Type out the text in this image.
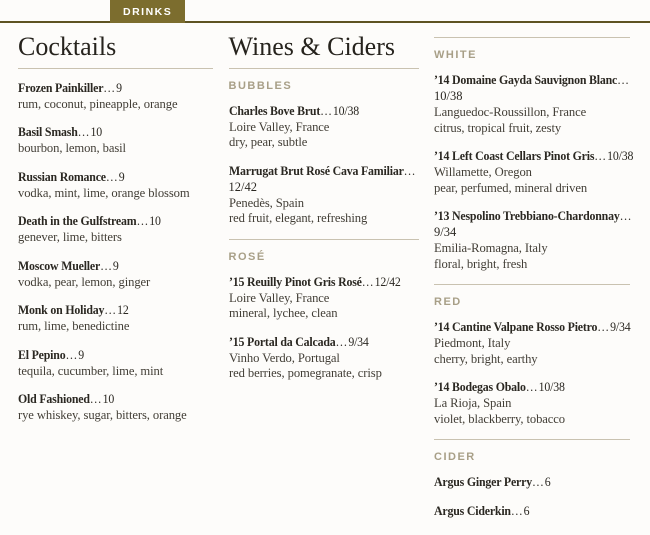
DRINKS
Cocktails
Frozen Painkiller…9
rum, coconut, pineapple, orange
Basil Smash…10
bourbon, lemon, basil
Russian Romance…9
vodka, mint, lime, orange blossom
Death in the Gulfstream…10
genever, lime, bitters
Moscow Mueller…9
vodka, pear, lemon, ginger
Monk on Holiday…12
rum, lime, benedictine
El Pepino…9
tequila, cucumber, lime, mint
Old Fashioned…10
rye whiskey, sugar, bitters, orange
Wines & Ciders
BUBBLES
Charles Bove Brut…10/38
Loire Valley, France
dry, pear, subtle
Marrugat Brut Rosé Cava Familiar…
12/42
Penedès, Spain
red fruit, elegant, refreshing
ROSÉ
’15 Reuilly Pinot Gris Rosé…12/42
Loire Valley, France
mineral, lychee, clean
’15 Portal da Calcada…9/34
Vinho Verdo, Portugal
red berries, pomegranate, crisp
WHITE
’14 Domaine Gayda Sauvignon Blanc…
10/38
Languedoc-Roussillon, France
citrus, tropical fruit, zesty
’14 Left Coast Cellars Pinot Gris…10/38
Willamette, Oregon
pear, perfumed, mineral driven
’13 Nespolino Trebbiano-Chardonnay…
9/34
Emilia-Romagna, Italy
floral, bright, fresh
RED
’14 Cantine Valpane Rosso Pietro…9/34
Piedmont, Italy
cherry, bright, earthy
’14 Bodegas Obalo…10/38
La Rioja, Spain
violet, blackberry, tobacco
CIDER
Argus Ginger Perry…6
Argus Ciderkin…6
